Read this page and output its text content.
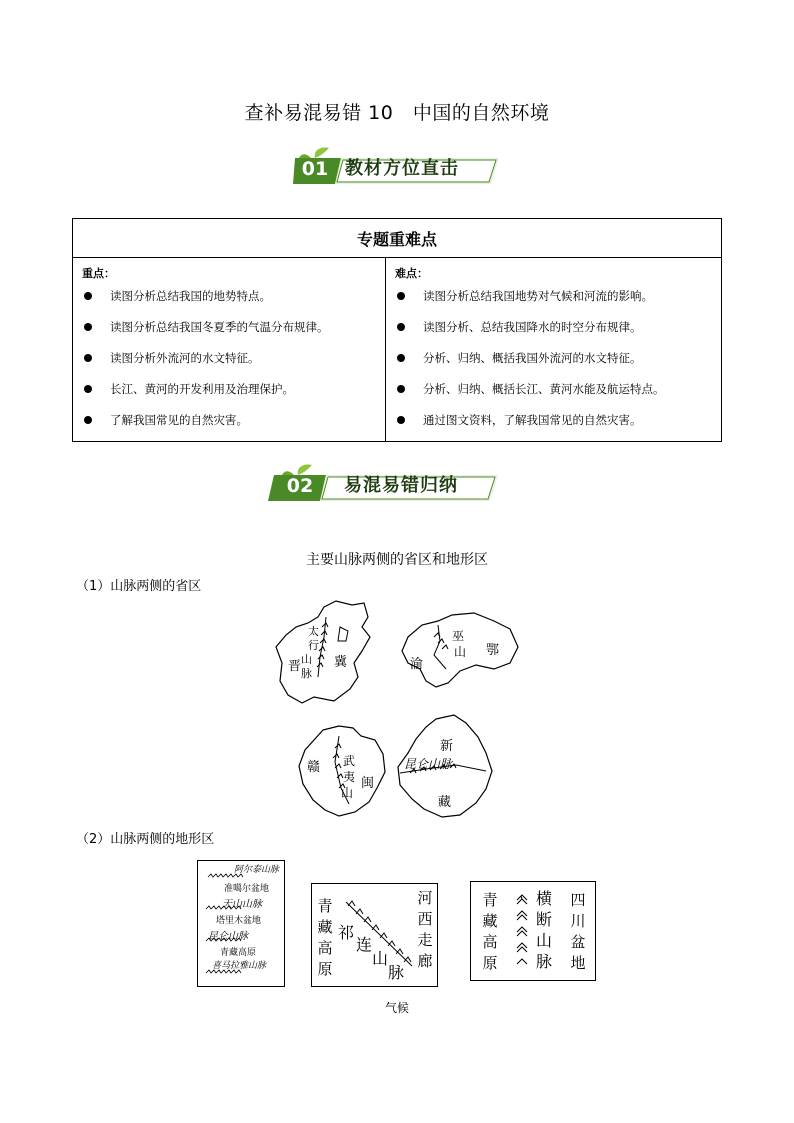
查补易混易错 10　中国的自然环境
01 教材方位直击
专题重难点

重点：
读图分析总结我国的地势特点。
读图分析总结我国冬夏季的气温分布规律。
读图分析外流河的水文特征。
长江、黄河的开发利用及治理保护。
了解我国常见的自然灾害。

难点：
读图分析总结我国地势对气候和河流的影响。
读图分析、总结我国降水的时空分布规律。
分析、归纳、概括我国外流河的水文特征。
分析、归纳、概括长江、黄河水能及航运特点。
通过图文资料，了解我国常见的自然灾害。
02	易混易错归纳
主要山脉两侧的省区和地形区
（1）山脉两侧的省区
太
行
山
脉
晋	冀
巫
山
渝
鄂
武
夷
山
赣
闽
新
昆仑山脉
藏
（2）山脉两侧的地形区
阿尔泰山脉
准噶尔盆地
天山山脉
塔里木盆地
昆仑山脉
青藏高原
喜马拉雅山脉
青
藏
高
原
祁
连
山
脉
河
西
走
廊
青
藏
高
原
横
断
山
脉
四
川
盆
地
气候
